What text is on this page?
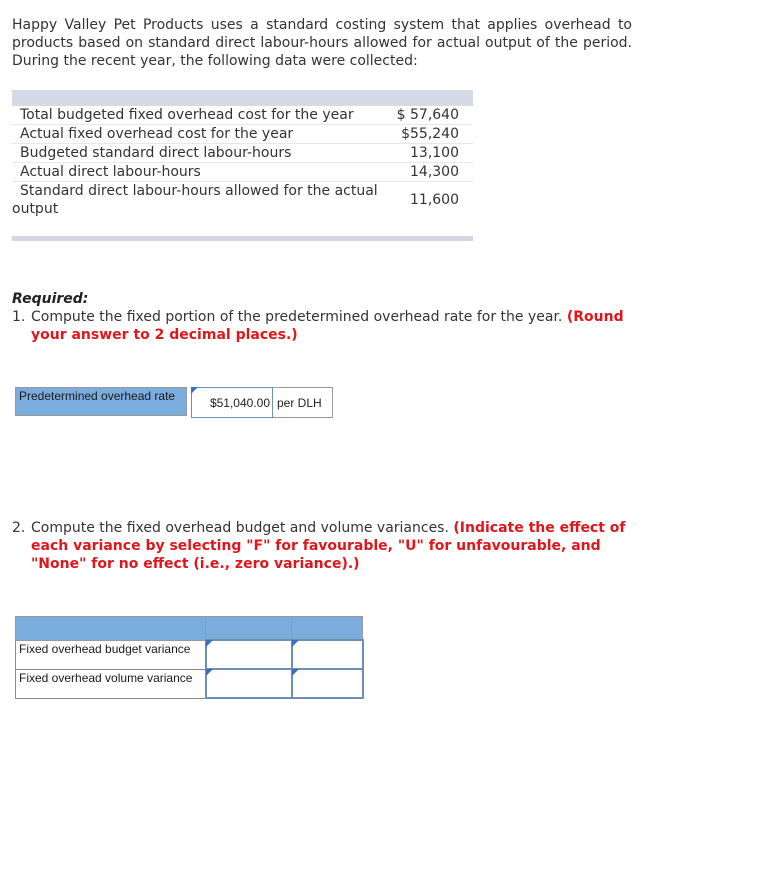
Happy Valley Pet Products uses a standard costing system that applies overhead to products based on standard direct labour-hours allowed for actual output of the period. During the recent year, the following data were collected:

Total budgeted fixed overhead cost for the year	$ 57,640
Actual fixed overhead cost for the year	$55,240
Budgeted standard direct labour-hours	13,100
Actual direct labour-hours	14,300

Standard direct labour-hours allowed for the actual
output	11,600

Required:
1. Compute the fixed portion of the predetermined overhead rate for the year. (Round your answer to 2 decimal places.)
Predetermined overhead rate	$51,040.00 per DLH
2. Compute the fixed overhead budget and volume variances. (Indicate the effect of each variance by selecting "F" for favourable, "U" for unfavourable, and "None" for no effect (i.e., zero variance).)

Fixed overhead budget variance	

Fixed overhead volume variance	
